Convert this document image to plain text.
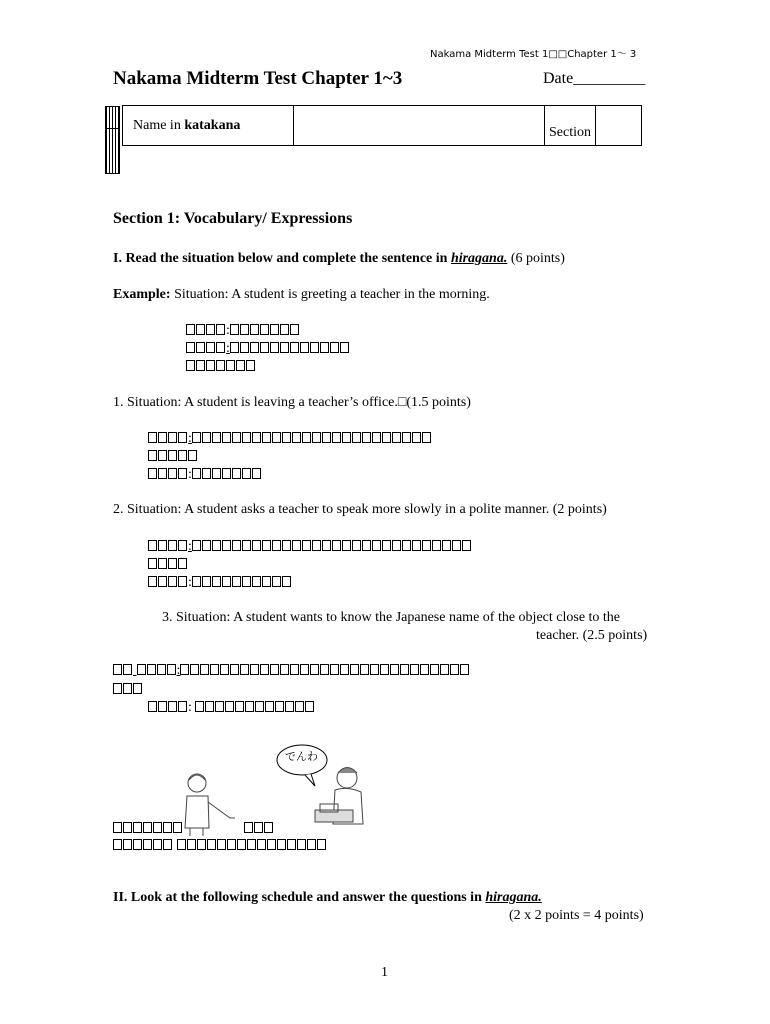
Nakama Midterm Test 1□□Chapter 1〜 3
Nakama Midterm Test Chapter 1~3	Date_________
Name in katakana		Section	
Section 1: Vocabulary/ Expressions
I. Read the situation below and complete the sentence in hiragana. (6 points)
Example: Situation: A student is greeting a teacher in the morning.
:
:
1. Situation: A student is leaving a teacher’s office.□(1.5 points)
:
:
2. Situation: A student asks a teacher to speak more slowly in a polite manner. (2 points)
:
:
3. Situation: A student wants to know the Japanese name of the object close to the
teacher. (2.5 points)
:
:
でんわ

II. Look at the following schedule and answer the questions in hiragana.
(2 x 2 points = 4 points)
1
